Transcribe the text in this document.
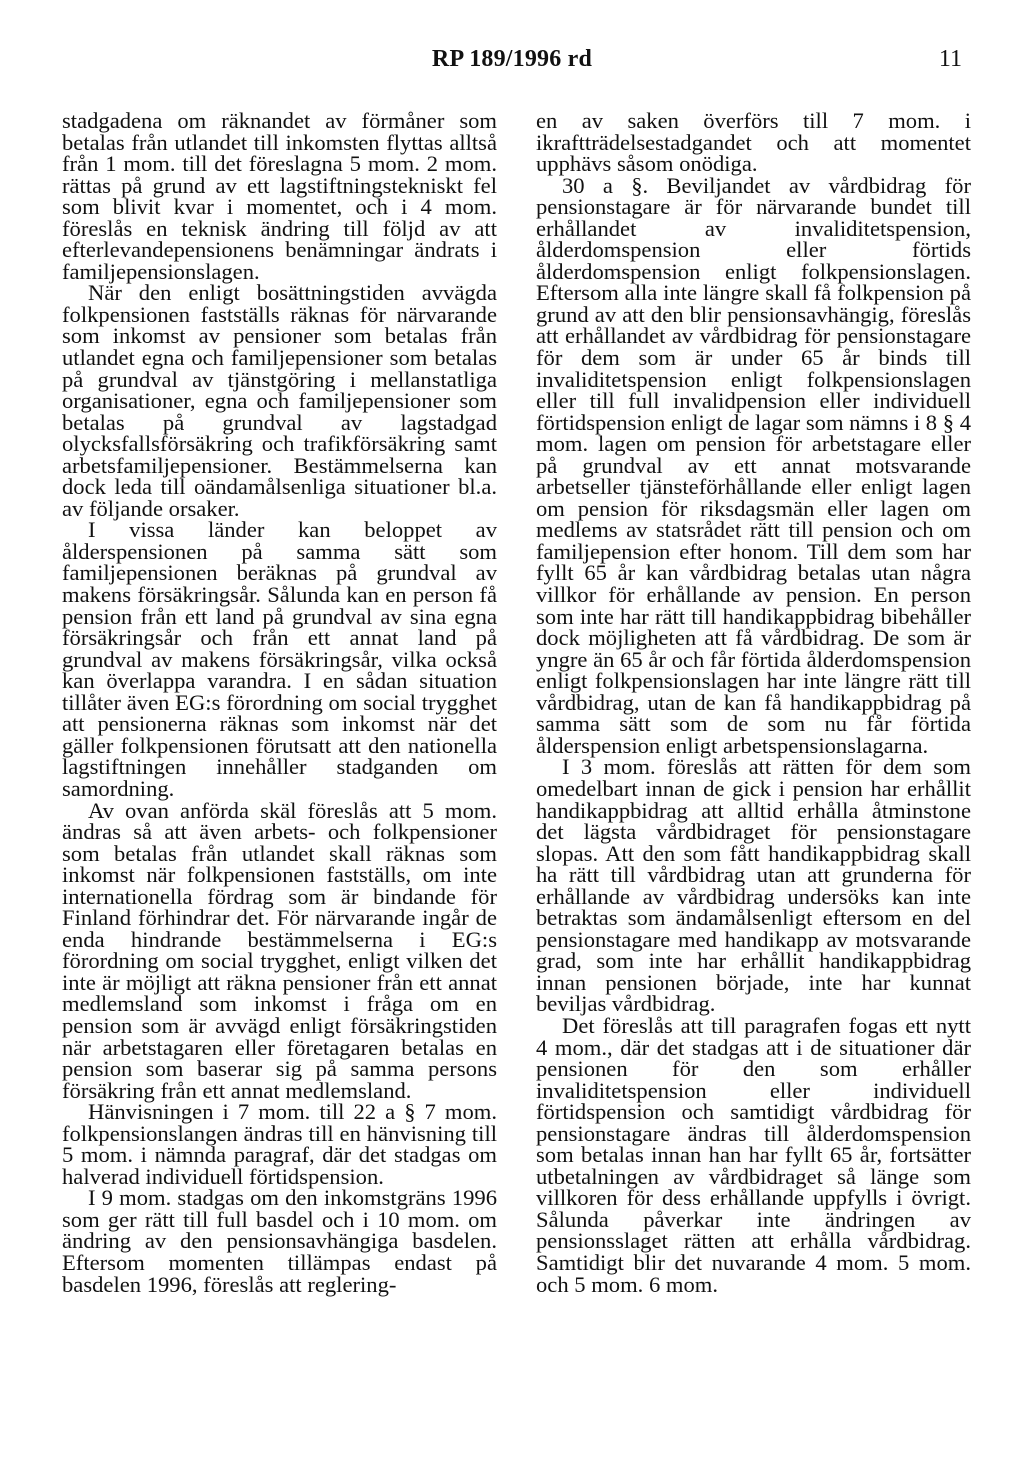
RP 189/1996 rd	11

stadgadena om räknandet av förmåner som betalas från utlandet till inkomsten flyttas alltså från 1 mom. till det föreslagna 5 mom. 2 mom. rättas på grund av ett lagstiftningstekniskt fel som blivit kvar i momentet, och i 4 mom. föreslås en teknisk ändring till följd av att efterlevandepensionens benämningar ändrats i familjepensionslagen.

När den enligt bosättningstiden avvägda folkpensionen fastställs räknas för närvarande som inkomst av pensioner som betalas från utlandet egna och familjepensioner som betalas på grundval av tjänstgöring i mellanstatliga organisationer, egna och familjepensioner som betalas på grundval av lagstadgad olycksfallsförsäkring och trafikförsäkring samt arbetsfamiljepensioner. Bestämmelserna kan dock leda till oändamålsenliga situationer bl.a. av följande orsaker.

I vissa länder kan beloppet av ålderspensionen på samma sätt som familjepensionen beräknas på grundval av makens försäkringsår. Sålunda kan en person få pension från ett land på grundval av sina egna försäkringsår och från ett annat land på grundval av makens försäkringsår, vilka också kan överlappa varandra. I en sådan situation tillåter även EG:s förordning om social trygghet att pensionerna räknas som inkomst när det gäller folkpensionen förutsatt att den nationella lagstiftningen innehåller stadganden om samordning.

Av ovan anförda skäl föreslås att 5 mom. ändras så att även arbets- och folkpensioner som betalas från utlandet skall räknas som inkomst när folkpensionen fastställs, om inte internationella fördrag som är bindande för Finland förhindrar det. För närvarande ingår de enda hindrande bestämmelserna i EG:s förordning om social trygghet, enligt vilken det inte är möjligt att räkna pensioner från ett annat medlemsland som inkomst i fråga om en pension som är avvägd enligt försäkringstiden när arbetstagaren eller företagaren betalas en pension som baserar sig på samma persons försäkring från ett annat medlemsland.

Hänvisningen i 7 mom. till 22 a § 7 mom. folkpensionslangen ändras till en hänvisning till 5 mom. i nämnda paragraf, där det stadgas om halverad individuell förtidspension.

I 9 mom. stadgas om den inkomstgräns 1996 som ger rätt till full basdel och i 10 mom. om ändring av den pensionsavhängiga basdelen. Eftersom momenten tillämpas endast på basdelen 1996, föreslås att reglering-

en av saken överförs till 7 mom. i ikraftträdelsestadgandet och att momentet upphävs såsom onödiga.

30 a §. Beviljandet av vårdbidrag för pensionstagare är för närvarande bundet till erhållandet av invaliditetspension, ålderdomspension eller förtids ålderdomspension enligt folkpensionslagen. Eftersom alla inte längre skall få folkpension på grund av att den blir pensionsavhängig, föreslås att erhållandet av vårdbidrag för pensionstagare för dem som är under 65 år binds till invaliditetspension enligt folkpensionslagen eller till full invalidpension eller individuell förtidspension enligt de lagar som nämns i 8 § 4 mom. lagen om pension för arbetstagare eller på grundval av ett annat motsvarande arbetseller tjänsteförhållande eller enligt lagen om pension för riksdagsmän eller lagen om medlems av statsrådet rätt till pension och om familjepension efter honom. Till dem som har fyllt 65 år kan vårdbidrag betalas utan några villkor för erhållande av pension. En person som inte har rätt till handikappbidrag bibehåller dock möjligheten att få vårdbidrag. De som är yngre än 65 år och får förtida ålderdomspension enligt folkpensionslagen har inte längre rätt till vårdbidrag, utan de kan få handikappbidrag på samma sätt som de som nu får förtida ålderspension enligt arbetspensionslagarna.

I 3 mom. föreslås att rätten för dem som omedelbart innan de gick i pension har erhållit handikappbidrag att alltid erhålla åtminstone det lägsta vårdbidraget för pensionstagare slopas. Att den som fått handikappbidrag skall ha rätt till vårdbidrag utan att grunderna för erhållande av vårdbidrag undersöks kan inte betraktas som ändamålsenligt eftersom en del pensionstagare med handikapp av motsvarande grad, som inte har erhållit handikappbidrag innan pensionen började, inte har kunnat beviljas vårdbidrag.

Det föreslås att till paragrafen fogas ett nytt 4 mom., där det stadgas att i de situationer där pensionen för den som erhåller invaliditetspension eller individuell förtidspension och samtidigt vårdbidrag för pensionstagare ändras till ålderdomspension som betalas innan han har fyllt 65 år, fortsätter utbetalningen av vårdbidraget så länge som villkoren för dess erhållande uppfylls i övrigt. Sålunda påverkar inte ändringen av pensionsslaget rätten att erhålla vårdbidrag. Samtidigt blir det nuvarande 4 mom. 5 mom. och 5 mom. 6 mom.
